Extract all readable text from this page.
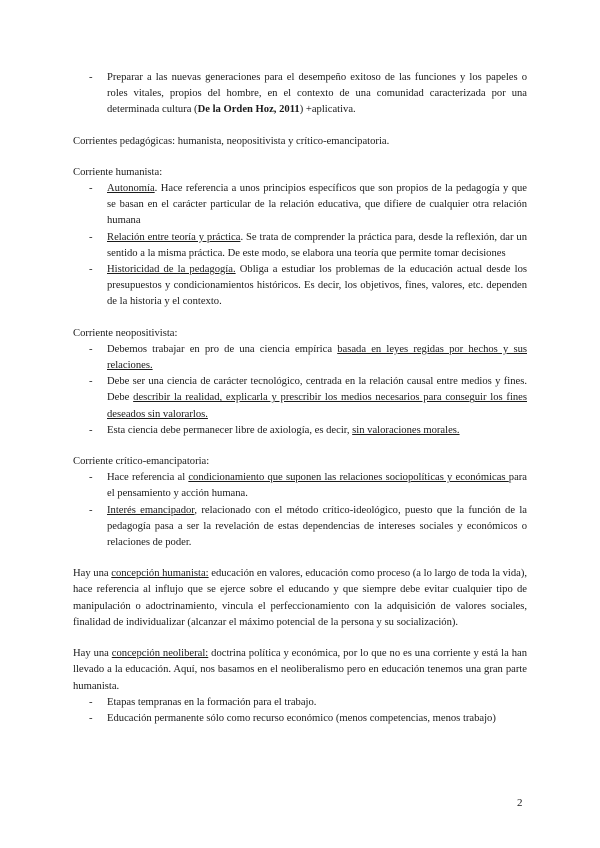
- Preparar a las nuevas generaciones para el desempeño exitoso de las funciones y los papeles o roles vitales, propios del hombre, en el contexto de una comunidad caracterizada por una determinada cultura (De la Orden Hoz, 2011) +aplicativa.

Corrientes pedagógicas: humanista, neopositivista y crítico-emancipatoria.

Corriente humanista:

- Autonomía. Hace referencia a unos principios específicos que son propios de la pedagogía y que se basan en el carácter particular de la relación educativa, que difiere de cualquier otra relación humana
- Relación entre teoría y práctica. Se trata de comprender la práctica para, desde la reflexión, dar un sentido a la misma práctica. De este modo, se elabora una teoría que permite tomar decisiones
- Historicidad de la pedagogía. Obliga a estudiar los problemas de la educación actual desde los presupuestos y condicionamientos históricos. Es decir, los objetivos, fines, valores, etc. dependen de la historia y el contexto.

Corriente neopositivista:

- Debemos trabajar en pro de una ciencia empírica basada en leyes regidas por hechos y sus relaciones.
- Debe ser una ciencia de carácter tecnológico, centrada en la relación causal entre medios y fines. Debe describir la realidad, explicarla y prescribir los medios necesarios para conseguir los fines deseados sin valorarlos.
- Esta ciencia debe permanecer libre de axiología, es decir, sin valoraciones morales.

Corriente crítico-emancipatoria:

- Hace referencia al condicionamiento que suponen las relaciones sociopolíticas y económicas para el pensamiento y acción humana.
- Interés emancipador, relacionado con el método crítico-ideológico, puesto que la función de la pedagogía pasa a ser la revelación de estas dependencias de intereses sociales y económicos o relaciones de poder.

Hay una concepción humanista: educación en valores, educación como proceso (a lo largo de toda la vida), hace referencia al influjo que se ejerce sobre el educando y que siempre debe evitar cualquier tipo de manipulación o adoctrinamiento, vincula el perfeccionamiento con la adquisición de valores sociales, finalidad de individualizar (alcanzar el máximo potencial de la persona y su socialización).

Hay una concepción neoliberal: doctrina política y económica, por lo que no es una corriente y está la han llevado a la educación. Aquí, nos basamos en el neoliberalismo pero en educación tenemos una gran parte humanista.

- Etapas tempranas en la formación para el trabajo.
- Educación permanente sólo como recurso económico (menos competencias, menos trabajo)
2
